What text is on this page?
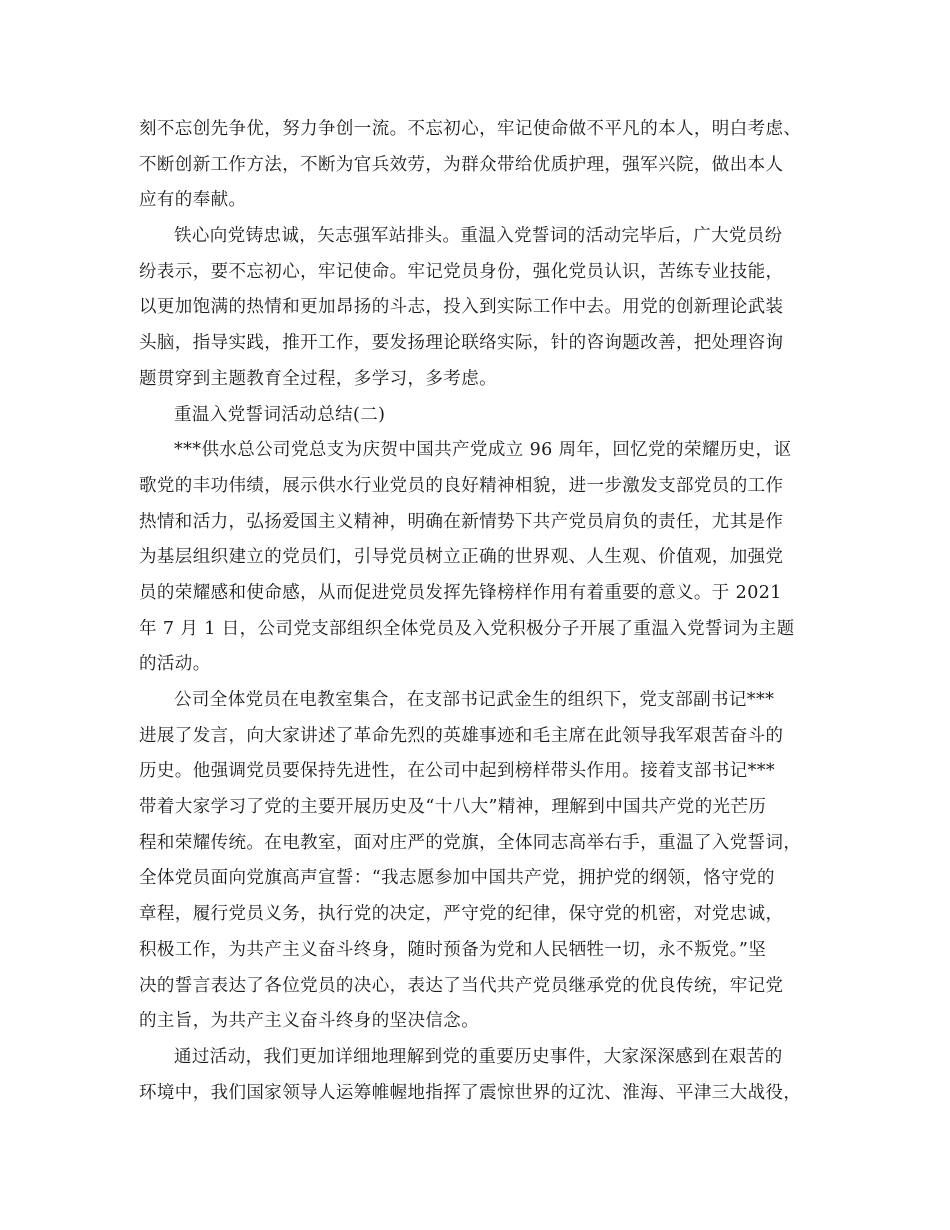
刻不忘创先争优，努力争创一流。不忘初心，牢记使命做不平凡的本人，明白考虑、
不断创新工作方法，不断为官兵效劳，为群众带给优质护理，强军兴院，做出本人
应有的奉献。
铁心向党铸忠诚，矢志强军站排头。重温入党誓词的活动完毕后，广大党员纷
纷表示，要不忘初心，牢记使命。牢记党员身份，强化党员认识，苦练专业技能，
以更加饱满的热情和更加昂扬的斗志，投入到实际工作中去。用党的创新理论武装
头脑，指导实践，推开工作，要发扬理论联络实际，针的咨询题改善，把处理咨询
题贯穿到主题教育全过程，多学习，多考虑。
重温入党誓词活动总结(二)
***供水总公司党总支为庆贺中国共产党成立 96 周年，回忆党的荣耀历史，讴
歌党的丰功伟绩，展示供水行业党员的良好精神相貌，进一步激发支部党员的工作
热情和活力，弘扬爱国主义精神，明确在新情势下共产党员肩负的责任，尤其是作
为基层组织建立的党员们，引导党员树立正确的世界观、人生观、价值观，加强党
员的荣耀感和使命感，从而促进党员发挥先锋榜样作用有着重要的意义。于 2021
年 7 月 1 日，公司党支部组织全体党员及入党积极分子开展了重温入党誓词为主题
的活动。
公司全体党员在电教室集合，在支部书记武金生的组织下，党支部副书记***
进展了发言，向大家讲述了革命先烈的英雄事迹和毛主席在此领导我军艰苦奋斗的
历史。他强调党员要保持先进性，在公司中起到榜样带头作用。接着支部书记***
带着大家学习了党的主要开展历史及“十八大”精神，理解到中国共产党的光芒历
程和荣耀传统。在电教室，面对庄严的党旗，全体同志高举右手，重温了入党誓词，
全体党员面向党旗高声宣誓：“我志愿参加中国共产党，拥护党的纲领，恪守党的
章程，履行党员义务，执行党的决定，严守党的纪律，保守党的机密，对党忠诚，
积极工作，为共产主义奋斗终身，随时预备为党和人民牺牲一切，永不叛党。”坚
决的誓言表达了各位党员的决心，表达了当代共产党员继承党的优良传统，牢记党
的主旨，为共产主义奋斗终身的坚决信念。
通过活动，我们更加详细地理解到党的重要历史事件，大家深深感到在艰苦的
环境中，我们国家领导人运筹帷幄地指挥了震惊世界的辽沈、淮海、平津三大战役，
